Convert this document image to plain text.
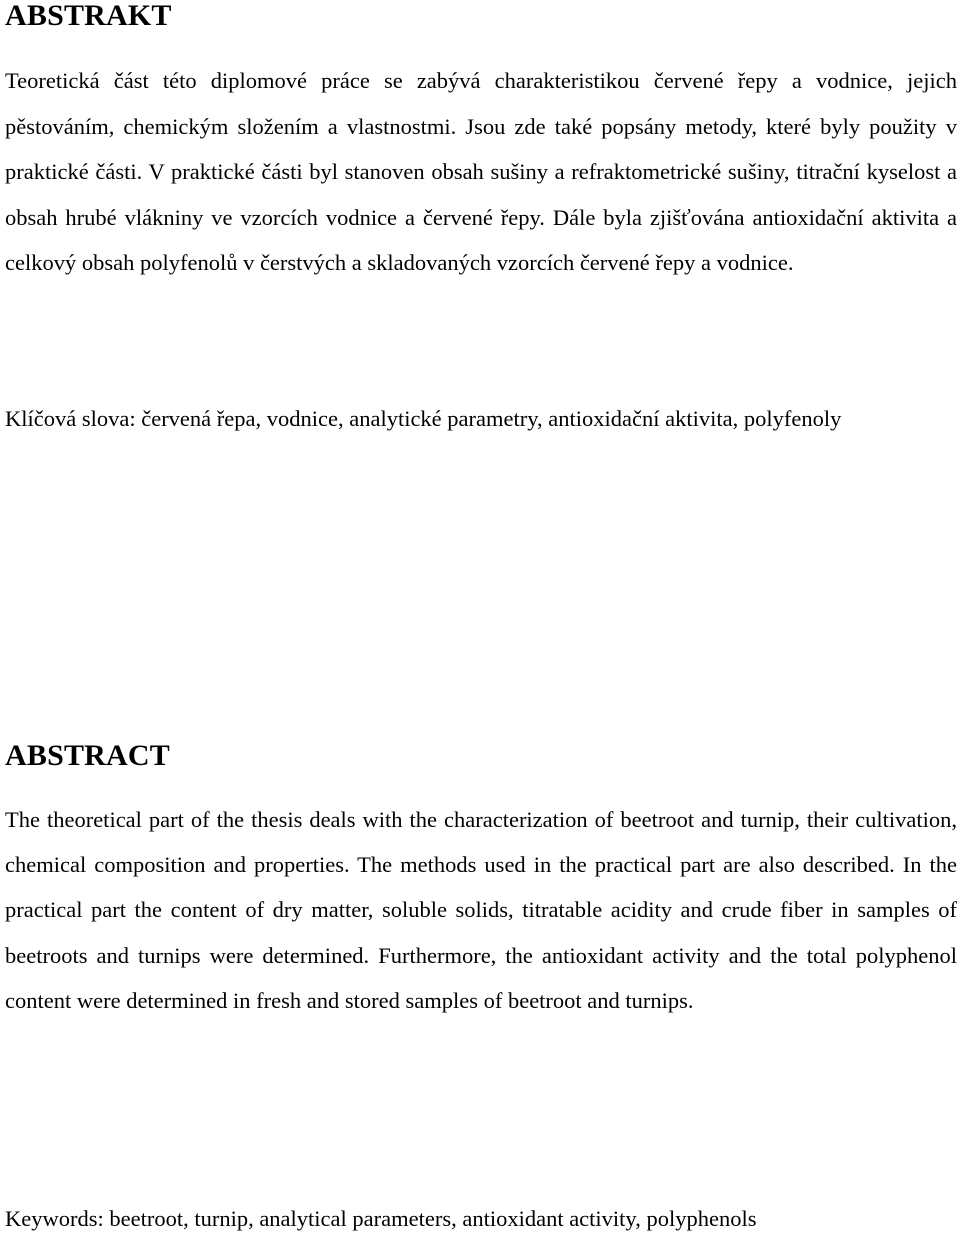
ABSTRAKT

Teoretická část této diplomové práce se zabývá charakteristikou červené řepy a vodnice, jejich pěstováním, chemickým složením a vlastnostmi. Jsou zde také popsány metody, které byly použity v praktické části. V praktické části byl stanoven obsah sušiny a refraktometrické sušiny, titrační kyselost a obsah hrubé vlákniny ve vzorcích vodnice a červené řepy. Dále byla zjišťována antioxidační aktivita a celkový obsah polyfenolů v čerstvých a skladovaných vzorcích červené řepy a vodnice.

Klíčová slova: červená řepa, vodnice, analytické parametry, antioxidační aktivita, polyfenoly

ABSTRACT

The theoretical part of the thesis deals with the characterization of beetroot and turnip, their cultivation, chemical composition and properties. The methods used in the practical part are also described. In the practical part the content of dry matter, soluble solids, titratable acidity and crude fiber in samples of beetroots and turnips were determined. Furthermore, the antioxidant activity and the total polyphenol content were determined in fresh and stored samples of beetroot and turnips.

Keywords: beetroot, turnip, analytical parameters, antioxidant activity, polyphenols
